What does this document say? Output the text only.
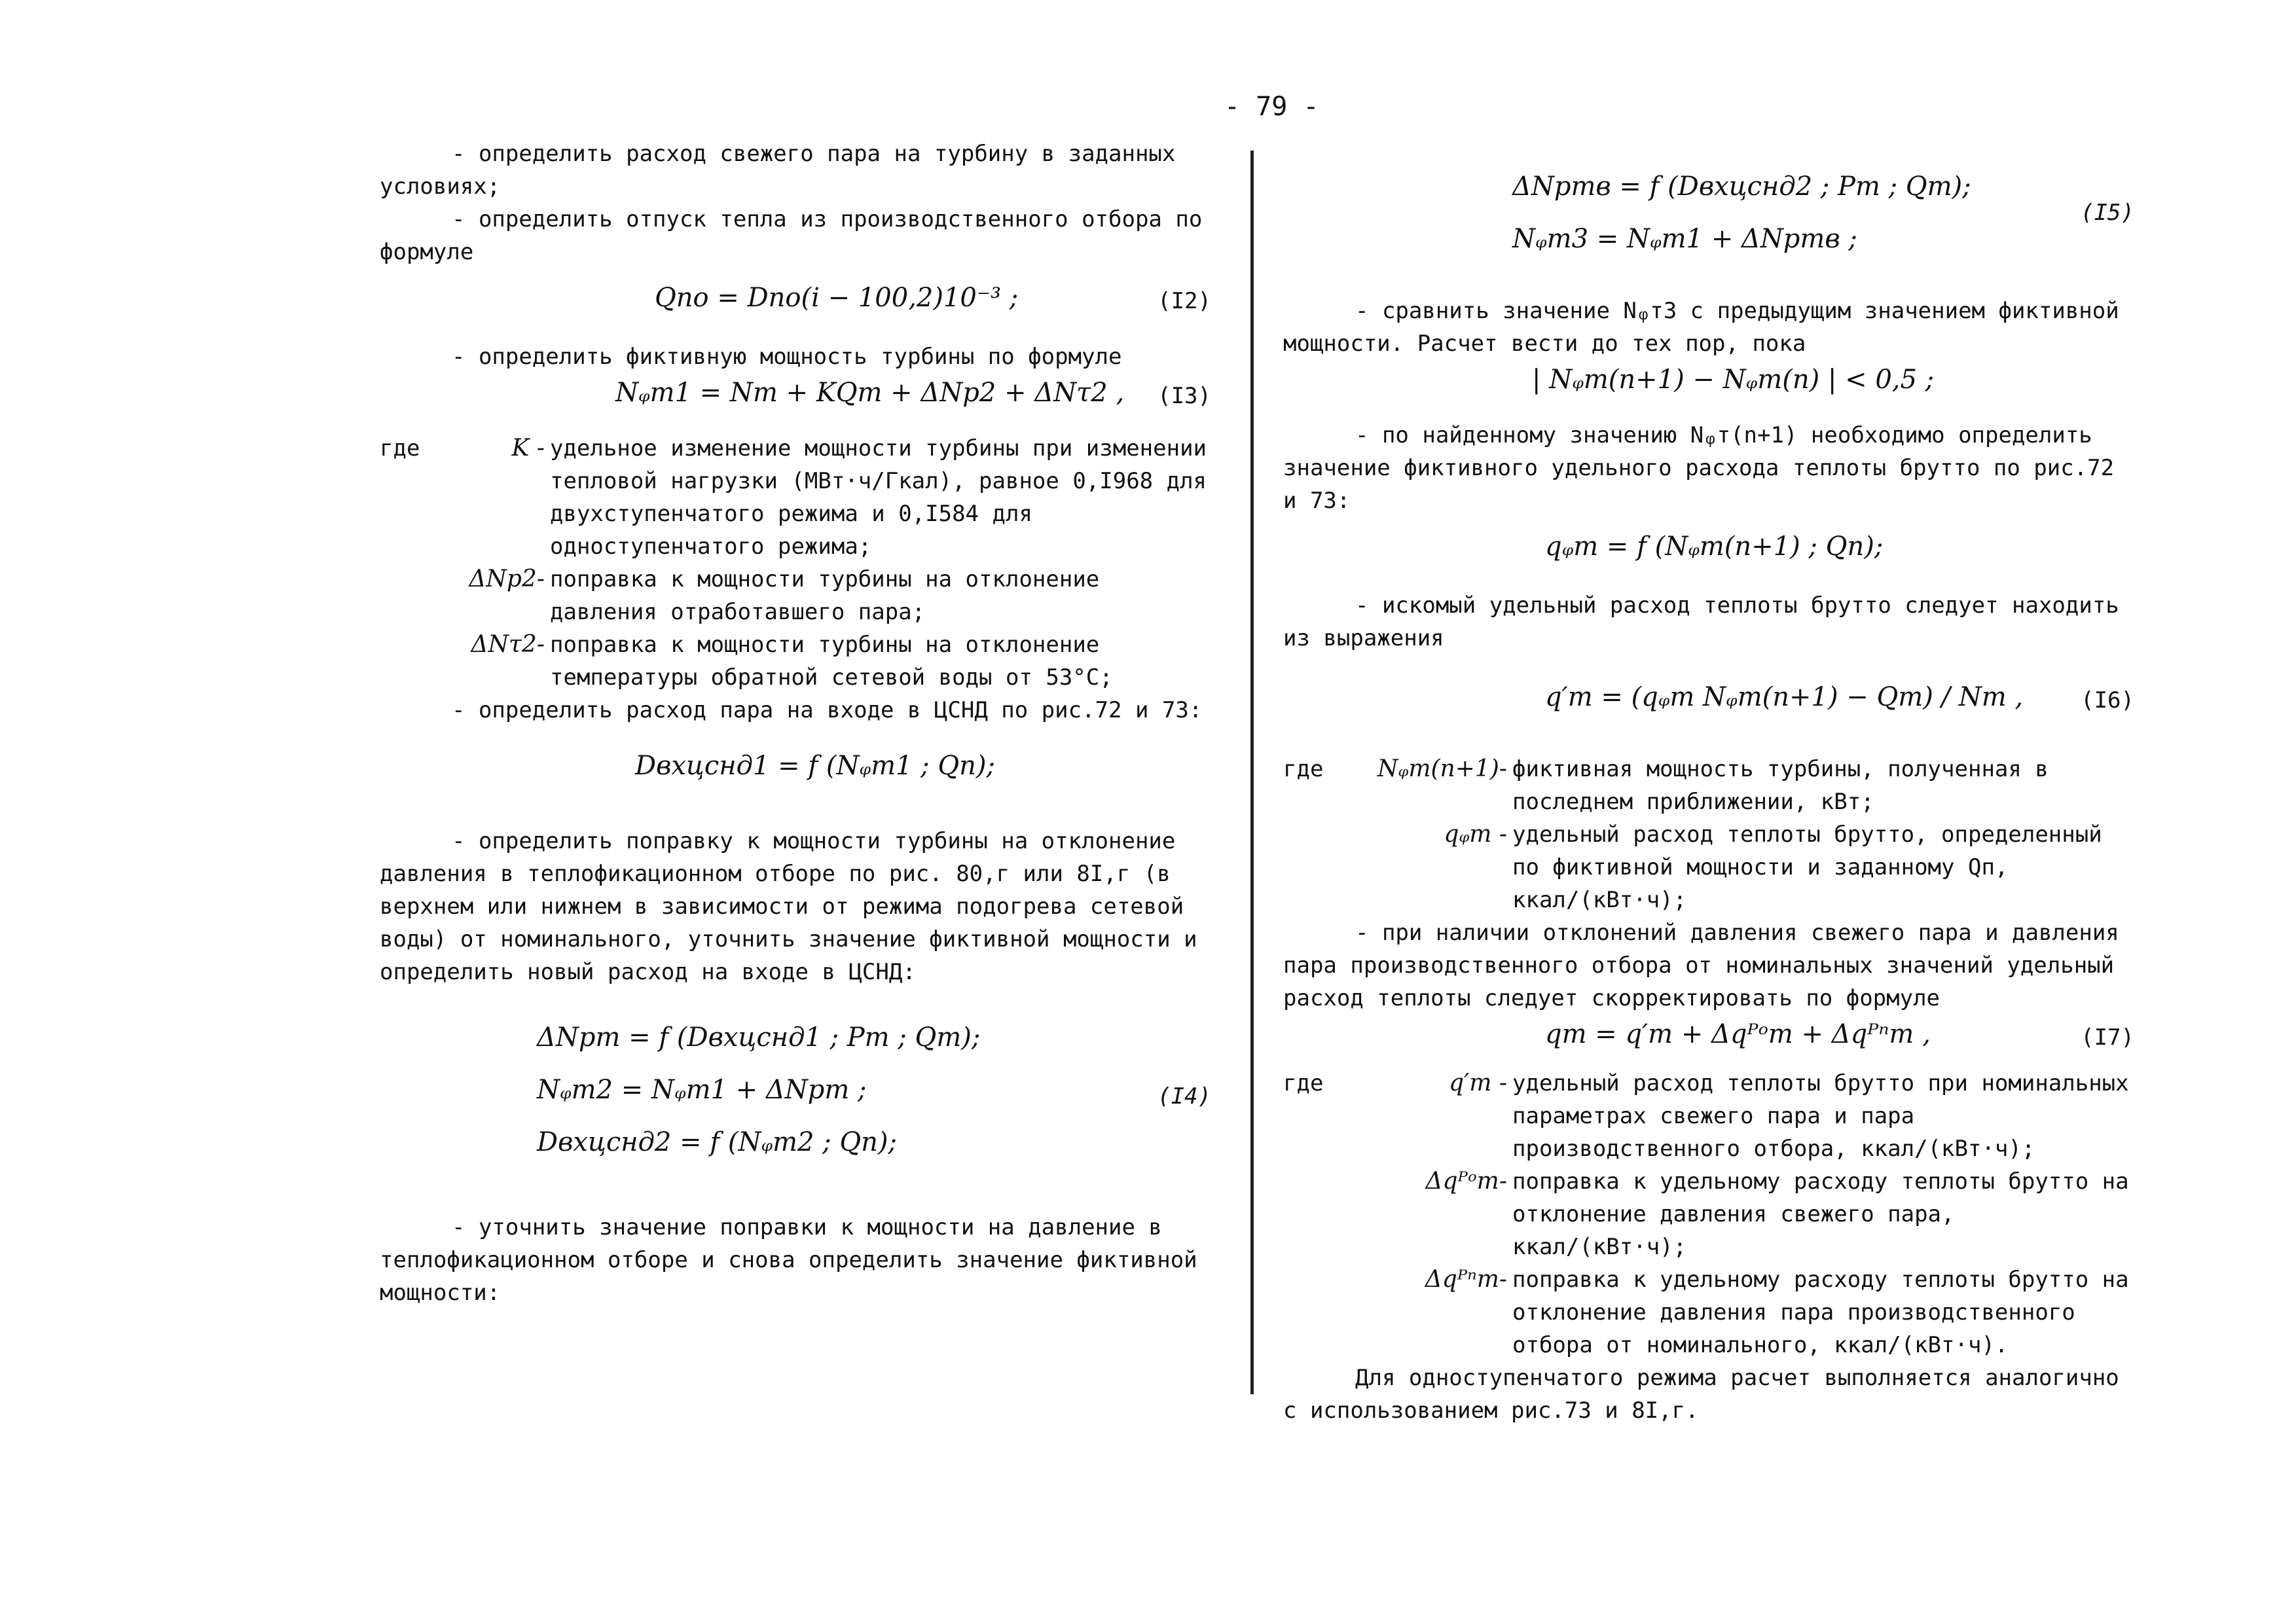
- 79 -

- определить расход свежего пара на турбину в заданных условиях;

- определить отпуск тепла из производственного отбора по формуле

Qпо = Dпо(i − 100,2)10⁻³ ;	(I2)

- определить фиктивную мощность турбины по формуле

Nᵩт1 = Nт + KQт + ΔNp2 + ΔNτ2 , (I3)
где	K - удельное изменение мощности турбины при изменении тепловой нагрузки (МВт·ч/Гкал), равное 0,I968 для двухступенчатого режима и 0,I584 для одноступенчатого режима;
ΔNp2- поправка к мощности турбины на отклонение давления отработавшего пара;
ΔNτ2- поправка к мощности турбины на отклонение температуры обратной сетевой воды от 53°С;

- определить расход пара на входе в ЦСНД по рис.72 и 73:

Dвхцснд1 = f (Nᵩт1 ; Qп);

- определить поправку к мощности турбины на отклонение давления в теплофикационном отборе по рис. 80,г или 8I,г (в верхнем или нижнем в зависимости от режима подогрева сетевой воды) от номинального, уточнить значение фиктивной мощности и определить новый расход на входе в ЦСНД:

ΔNpт = f (Dвхцснд1 ; Pт ; Qт);
Nᵩт2 = Nᵩт1 + ΔNpт ;	(I4)
Dвхцснд2 = f (Nᵩт2 ; Qп);

- уточнить значение поправки к мощности на давление в теплофикационном отборе и снова определить значение фиктивной мощности:

ΔNpтв = f (Dвхцснд2 ; Pт ; Qт);
Nᵩт3 = Nᵩт1 + ΔNpтв ;
(I5)

- сравнить значение Nᵩт3 с предыдущим значением фиктивной мощности. Расчет вести до тех пор, пока

| Nᵩт(n+1) − Nᵩт(n) | < 0,5 ;

- по найденному значению Nᵩт(n+1) необходимо определить значение фиктивного удельного расхода теплоты брутто по рис.72 и 73:

qᵩт = f (Nᵩт(n+1) ; Qп);

- искомый удельный расход теплоты брутто следует находить из выражения

q′т = (qᵩт Nᵩт(n+1) − Qт) / Nт ,	(I6)
где	Nᵩт(n+1)- фиктивная мощность турбины, полученная в последнем приближении, кВт;
qᵩт - удельный расход теплоты брутто, определенный по фиктивной мощности и заданному Qп, ккал/(кВт·ч);

- при наличии отклонений давления свежего пара и давления пара производственного отбора от номинальных значений удельный расход теплоты следует скорректировать по формуле

qт = q′т + Δqᴾᵒт + Δqᴾⁿт ,	(I7)
где	q′т - удельный расход теплоты брутто при номинальных параметрах свежего пара и пара производственного отбора, ккал/(кВт·ч);
Δqᴾᵒт- поправка к удельному расходу теплоты брутто на отклонение давления свежего пара, ккал/(кВт·ч);
Δqᴾⁿт- поправка к удельному расходу теплоты брутто на отклонение давления пара производственного отбора от номинального, ккал/(кВт·ч).

Для одноступенчатого режима расчет выполняется аналогично с использованием рис.73 и 8I,г.
